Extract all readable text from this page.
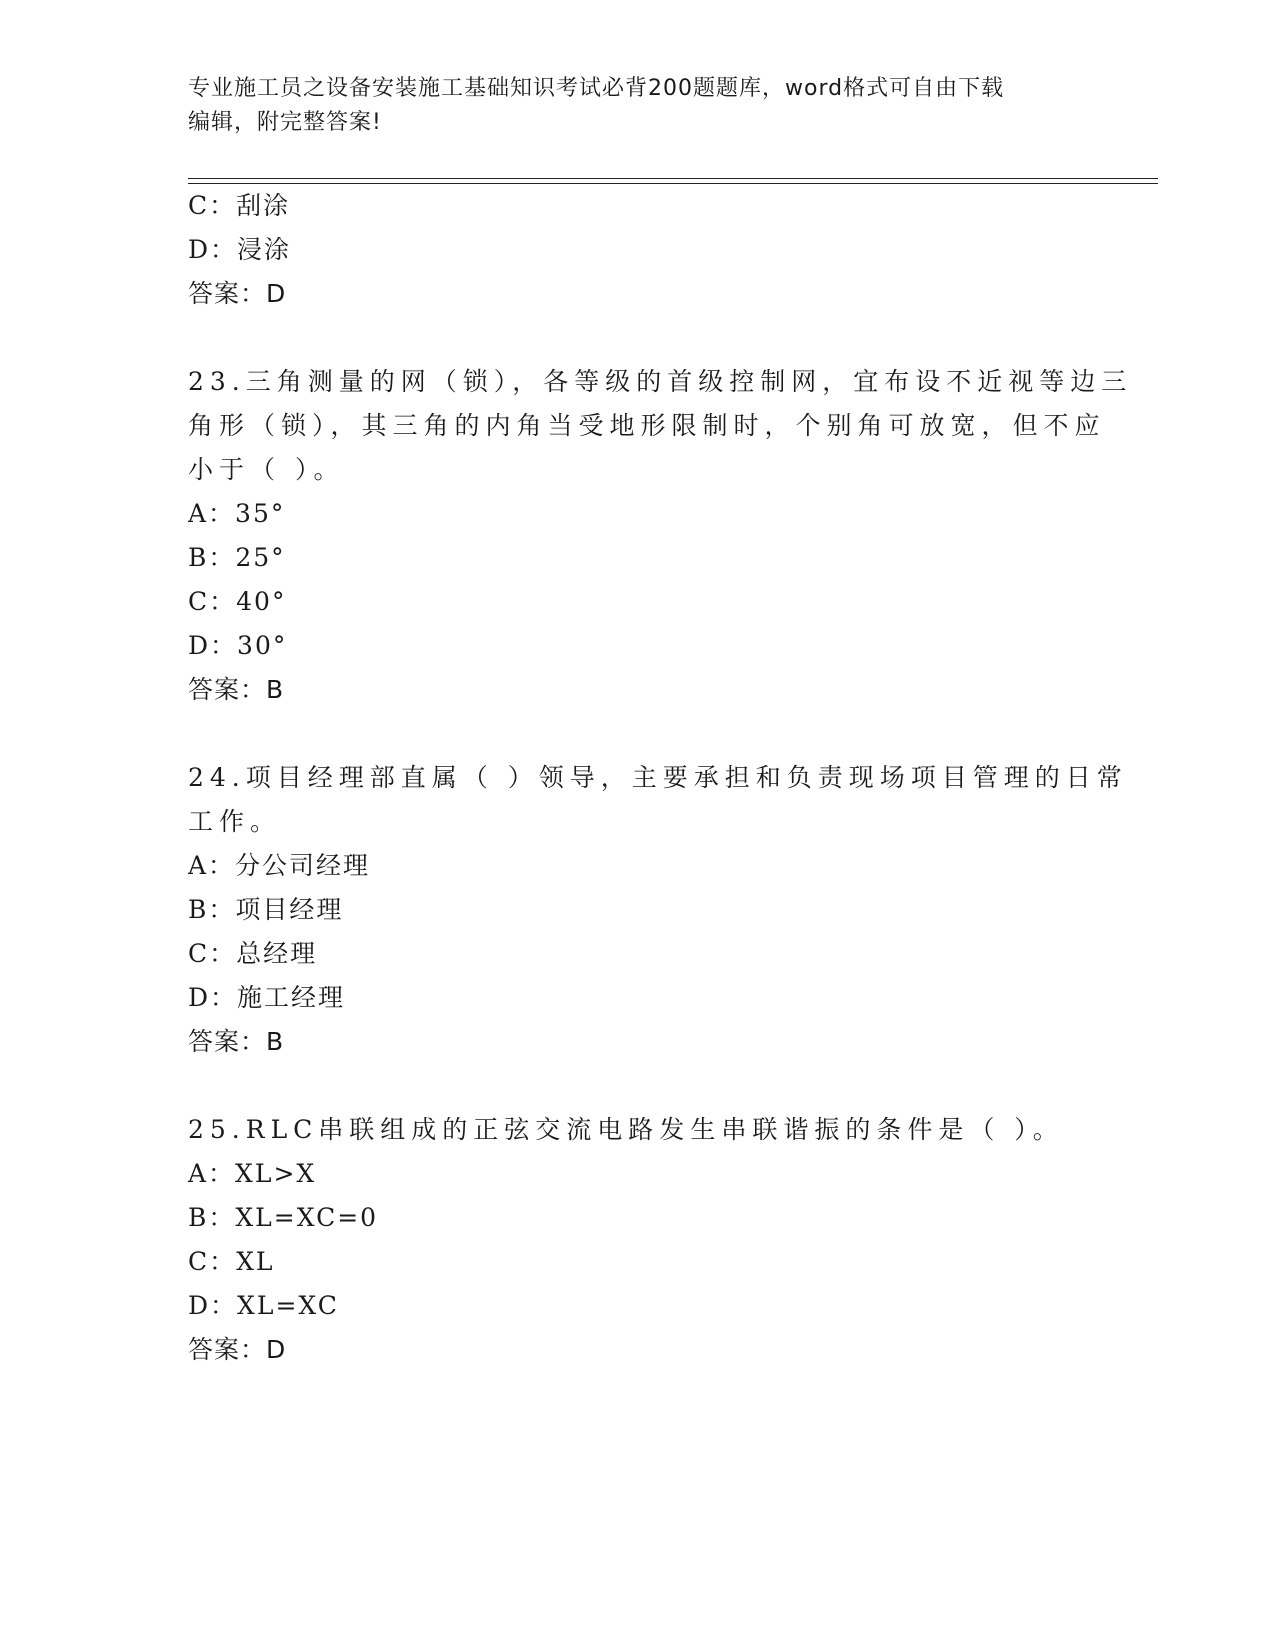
专业施工员之设备安装施工基础知识考试必背200题题库，word格式可自由下载
编辑，附完整答案!
C：刮涂
D：浸涂
答案：D
23.三角测量的网（锁），各等级的首级控制网，宜布设不近视等边三
角形（锁），其三角的内角当受地形限制时，个别角可放宽，但不应
小于（ ）。
A：35°
B：25°
C：40°
D：30°
答案：B
24.项目经理部直属（ ）领导，主要承担和负责现场项目管理的日常
工作。
A：分公司经理
B：项目经理
C：总经理
D：施工经理
答案：B
25.RLC串联组成的正弦交流电路发生串联谐振的条件是（ ）。
A：XL>X
B：XL=XC=0
C：XL
D：XL=XC
答案：D
